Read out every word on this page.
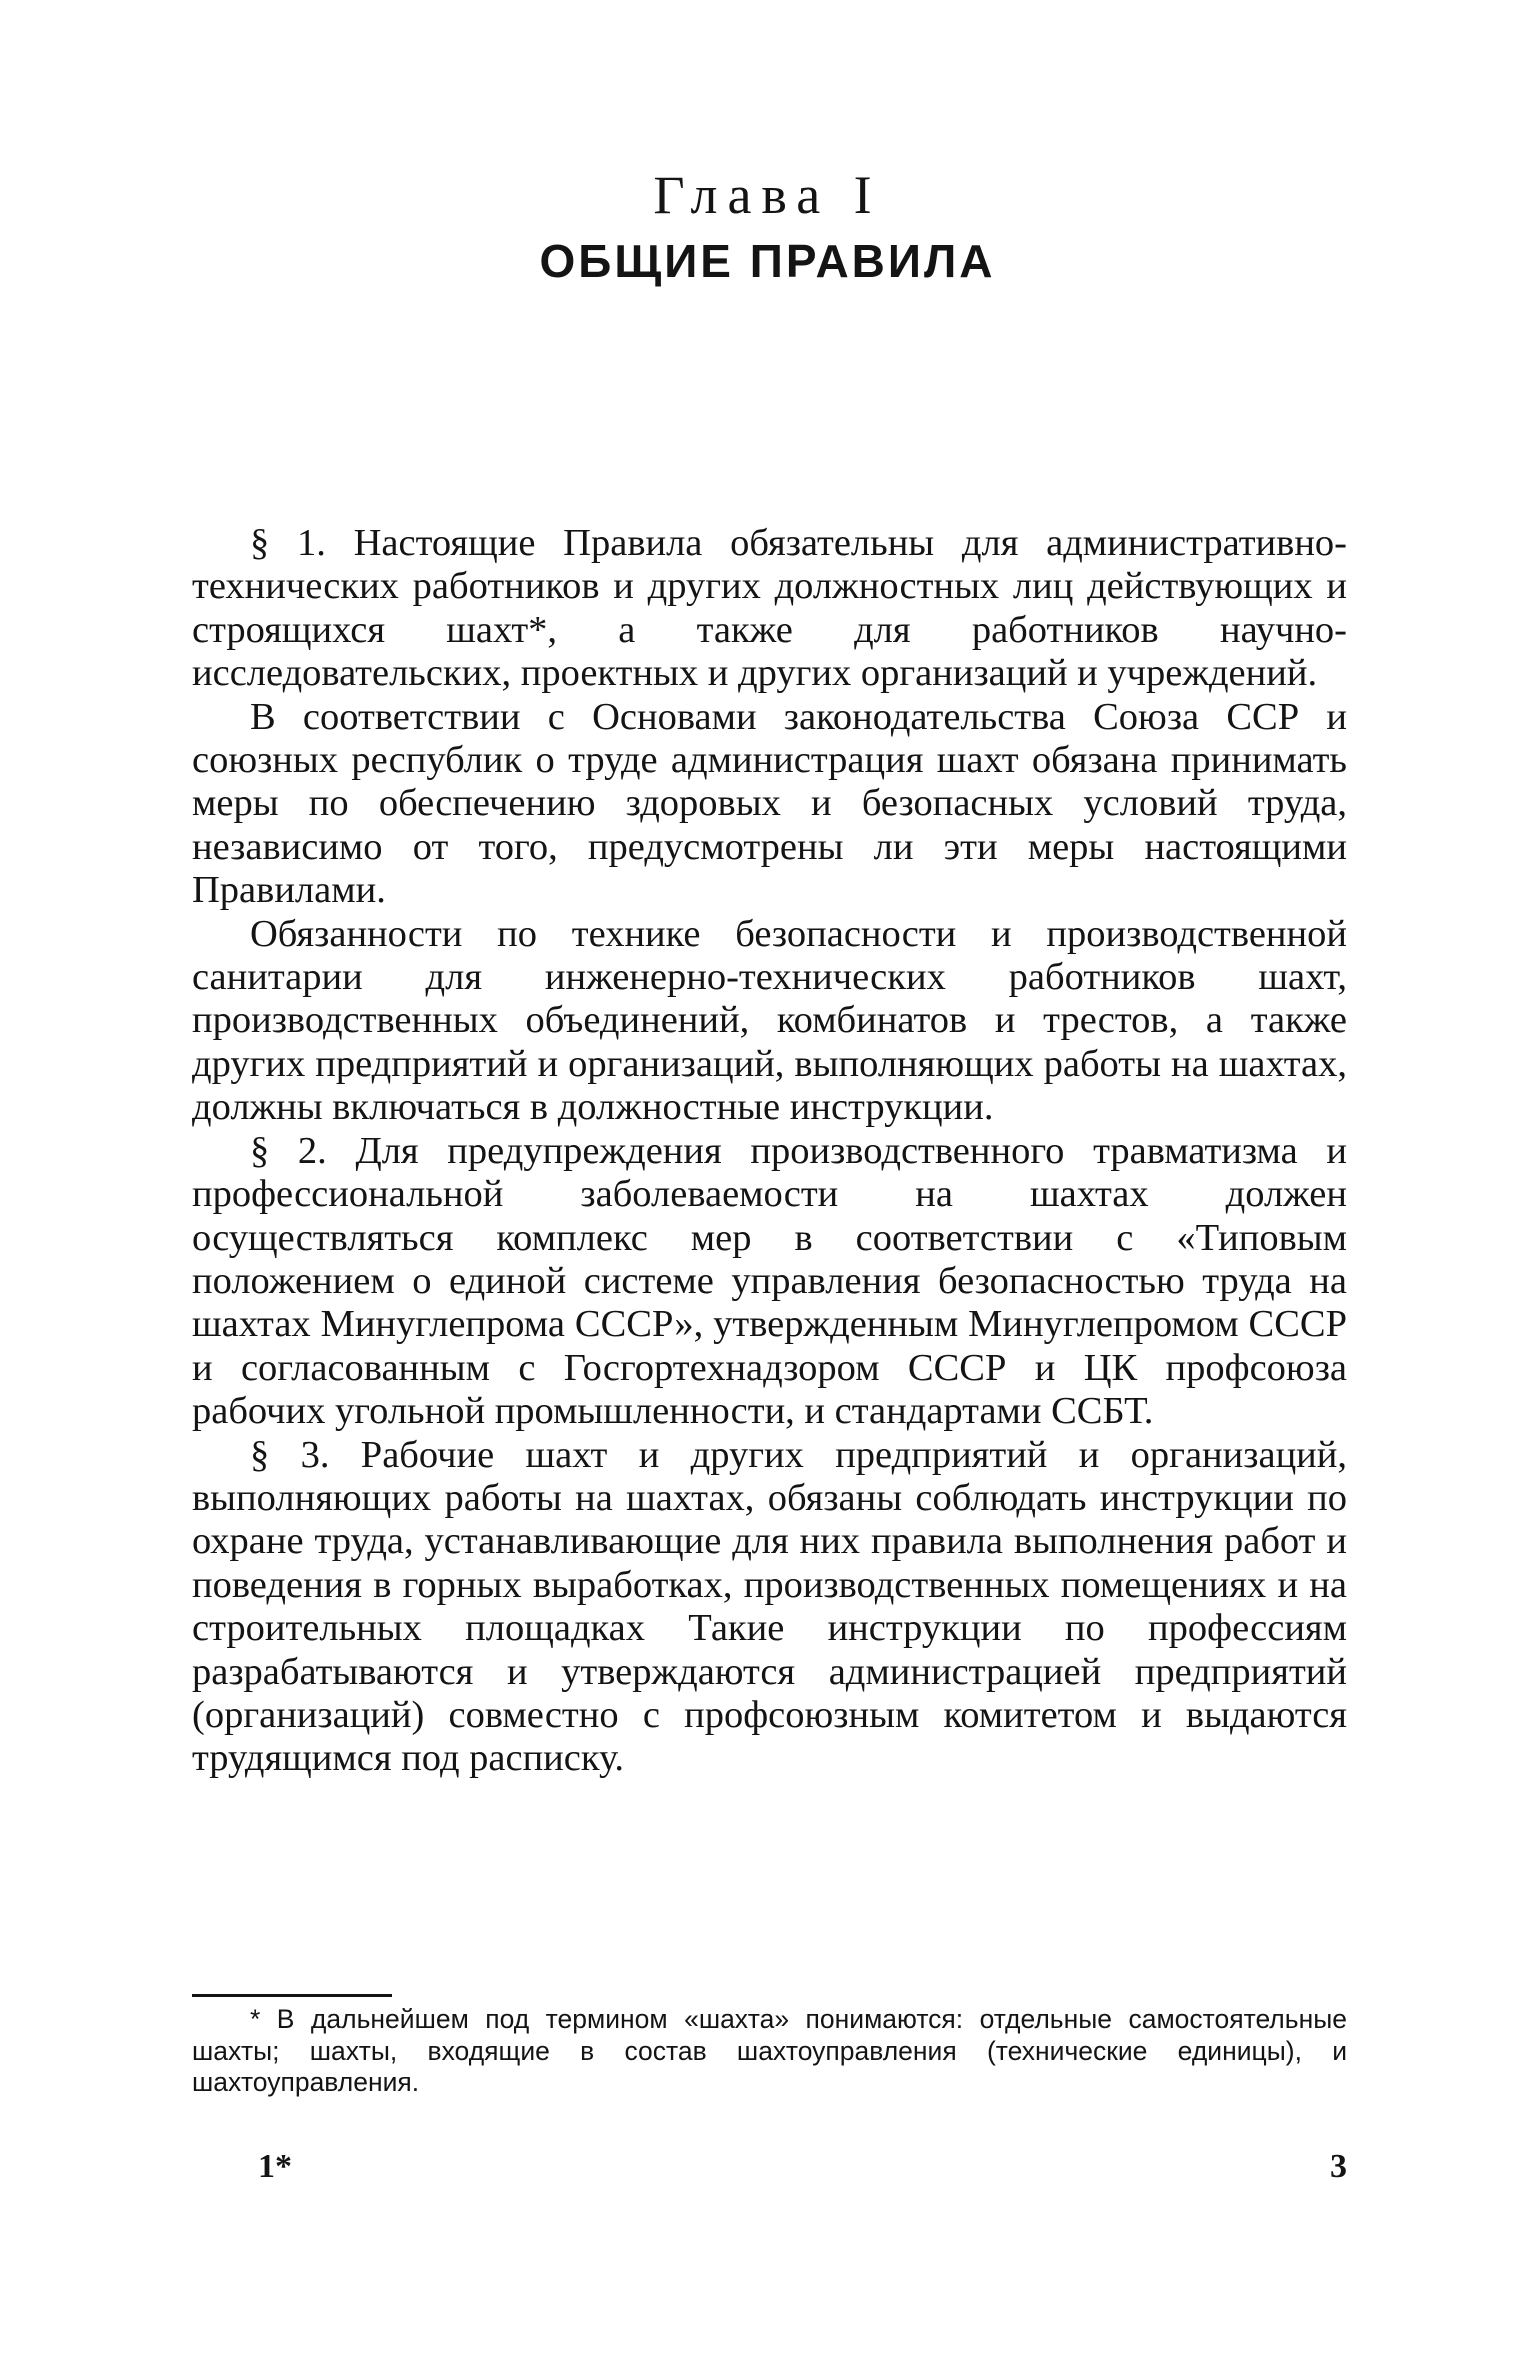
Глава I
ОБЩИЕ ПРАВИЛА

§ 1. Настоящие Правила обязательны для административно-технических работников и других должностных лиц действующих и строящихся шахт*, а также для работников научно-исследовательских, проектных и других организаций и учреждений.

В соответствии с Основами законодательства Союза ССР и союзных республик о труде администрация шахт обязана принимать меры по обеспечению здоровых и безопасных условий труда, независимо от того, предусмотрены ли эти меры настоящими Правилами.

Обязанности по технике безопасности и производственной санитарии для инженерно-технических работников шахт, производственных объединений, комбинатов и трестов, а также других предприятий и организаций, выполняющих работы на шахтах, должны включаться в должностные инструкции.

§ 2. Для предупреждения производственного травматизма и профессиональной заболеваемости на шахтах должен осуществляться комплекс мер в соответствии с «Типовым положением о единой системе управления безопасностью труда на шахтах Минуглепрома СССР», утвержденным Минуглепромом СССР и согласованным с Госгортехнадзором СССР и ЦК профсоюза рабочих угольной промышленности, и стандартами ССБТ.

§ 3. Рабочие шахт и других предприятий и организаций, выполняющих работы на шахтах, обязаны соблюдать инструкции по охране труда, устанавливающие для них правила выполнения работ и поведения в горных выработках, производственных помещениях и на строительных площадках Такие инструкции по профессиям разрабатываются и утверждаются администрацией предприятий (организаций) совместно с профсоюзным комитетом и выдаются трудящимся под расписку.

* В дальнейшем под термином «шахта» понимаются: отдельные самостоятельные шахты; шахты, входящие в состав шахтоуправления (технические единицы), и шахтоуправления.

1*	3
